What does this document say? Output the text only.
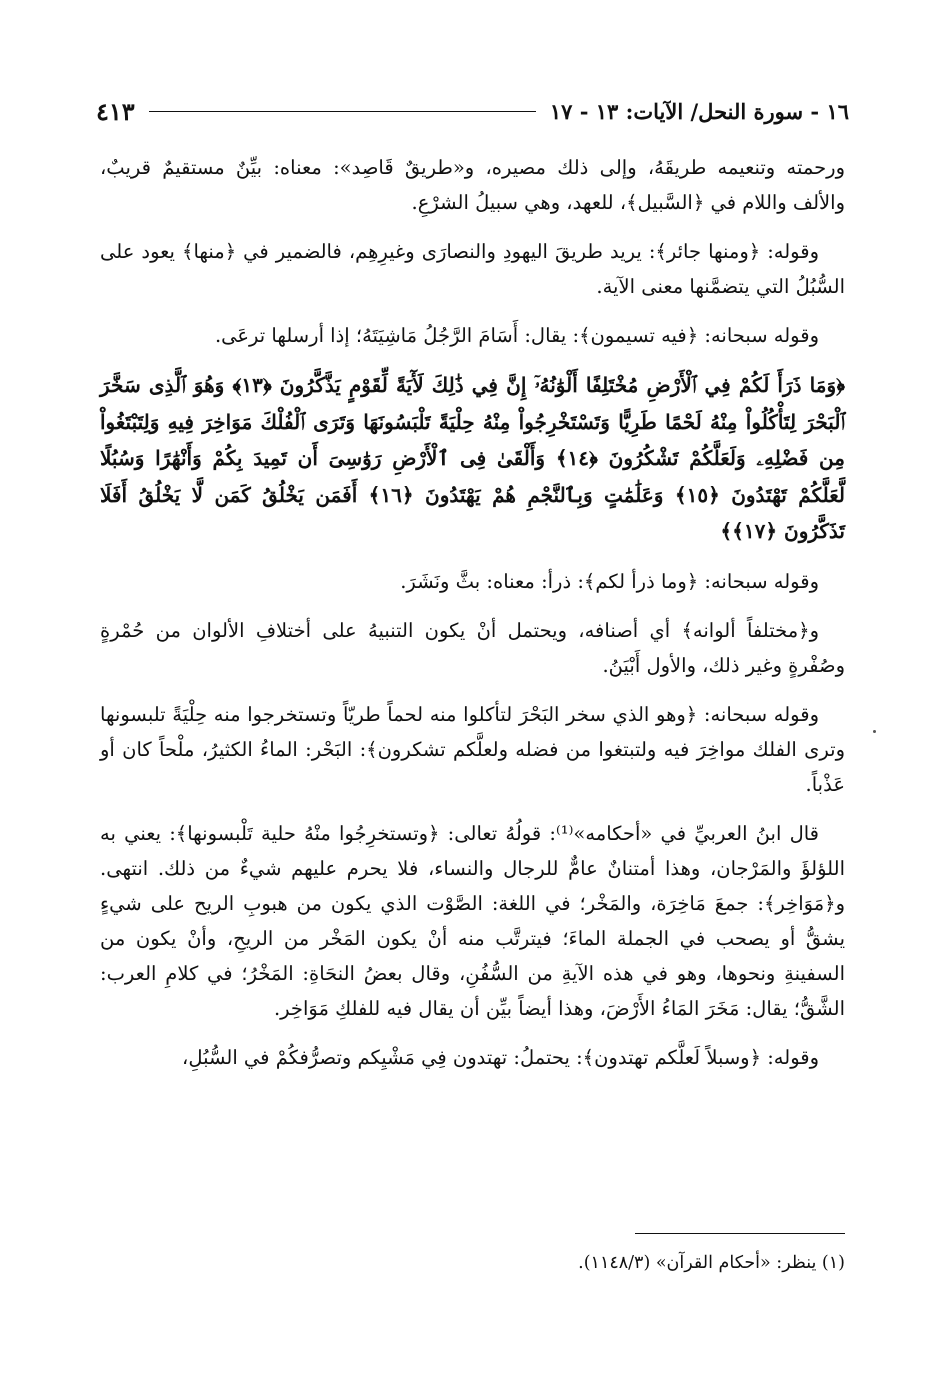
١٦ - سورة النحل/ الآيات: ١٣ - ١٧
٤١٣

ورحمته وتنعيمه طريقَهُ، وإلى ذلك مصيره، و«طريقٌ قَاصِد»: معناه: بيِّنٌ مستقيمٌ قريبٌ، والألف واللام في ﴿السَّبيل﴾، للعهد، وهي سبيلُ الشرْعِ.

وقوله: ﴿ومنها جائر﴾: يريد طريقَ اليهودِ والنصارَى وغيرِهِم، فالضمير في ﴿منها﴾ يعود على السُّبُلُ التي يتضمَّنها معنى الآية.

وقوله سبحانه: ﴿فيه تسيمون﴾: يقال: أَسَامَ الرَّجُلُ مَاشِيَتَهُ؛ إذا أرسلها ترعَى.

﴿وَمَا ذَرَأَ لَكُمْ فِي ٱلْأَرْضِ مُخْتَلِفًا أَلْوَٰنُهُۥٓ إِنَّ فِي ذَٰلِكَ لَأٓيَةً لِّقَوْمٍ يَذَّكَّرُونَ ﴿١٣﴾ وَهُوَ ٱلَّذِى سَخَّرَ ٱلْبَحْرَ لِتَأْكُلُواْ مِنْهُ لَحْمًا طَرِيًّا وَتَسْتَخْرِجُواْ مِنْهُ حِلْيَةً تَلْبَسُونَهَا وَتَرَى ٱلْفُلْكَ مَوَاخِرَ فِيهِ وَلِتَبْتَغُواْ مِن فَضْلِهِۦ وَلَعَلَّكُمْ تَشْكُرُونَ ﴿١٤﴾ وَأَلْقَىٰ فِى ٱلْأَرْضِ رَوَٰسِىَ أَن تَمِيدَ بِكُمْ وَأَنْهَٰرًا وَسُبُلًا لَّعَلَّكُمْ تَهْتَدُونَ ﴿١٥﴾ وَعَلَٰمَٰتٍ وَبِٱلنَّجْمِ هُمْ يَهْتَدُونَ ﴿١٦﴾ أَفَمَن يَخْلُقُ كَمَن لَّا يَخْلُقُ أَفَلَا تَذَكَّرُونَ ﴿١٧﴾﴾

وقوله سبحانه: ﴿وما ذرأ لكم﴾: ذرأ: معناه: بثَّ ونَشَرَ.

و﴿مختلفاً ألوانه﴾ أي أصنافه، ويحتمل أنْ يكون التنبيهُ على أختلافِ الألوان من حُمْرةٍ وصُفْرةٍ وغير ذلك، والأول أَبْيَنُ.

وقوله سبحانه: ﴿وهو الذي سخر البَحْرَ لتأكلوا منه لحماً طريّاً وتستخرجوا منه حِلْيَةً تلبسونها وترى الفلك مواخِرَ فيه ولتبتغوا من فضله ولعلَّكم تشكرون﴾: البَحْر: الماءُ الكثيرُ، ملْحاً كان أو عَذْباً.

قال ابنُ العربيِّ في «أحكامه»⁽¹⁾: قولُهُ تعالى: ﴿وتستخرِجُوا منْهُ حلية تَلْبسونها﴾: يعني به اللؤلؤَ والمَرْجان، وهذا أمتنانٌ عامٌّ للرجال والنساء، فلا يحرم عليهم شيءٌ من ذلك. انتهى. و﴿مَوَاخِر﴾: جمعَ مَاخِرَة، والمَخْر؛ في اللغة: الصَّوْت الذي يكون من هبوبِ الريح على شيءٍ يشقُّ أو يصحب في الجملة الماءَ؛ فيترتَّب منه أنْ يكون المَخْر من الريحِ، وأنْ يكون من السفينةِ ونحوها، وهو في هذه الآيةِ من السُّفُنِ، وقال بعضُ النحَاةِ: المَخْرُ؛ في كلامِ العرب: الشَّقُّ؛ يقال: مَخَرَ المَاءُ الأَرْضَ، وهذا أيضاً بيِّن أن يقال فيه للفلكِ مَوَاخِر.

وقوله: ﴿وسبلاً لَعلَّكم تهتدون﴾: يحتملُ: تهتدون فِي مَشْيِكم وتصرُّفكُمْ في السُّبُلِ،

(١) ينظر: «أحكام القرآن» (١١٤٨/٣).
